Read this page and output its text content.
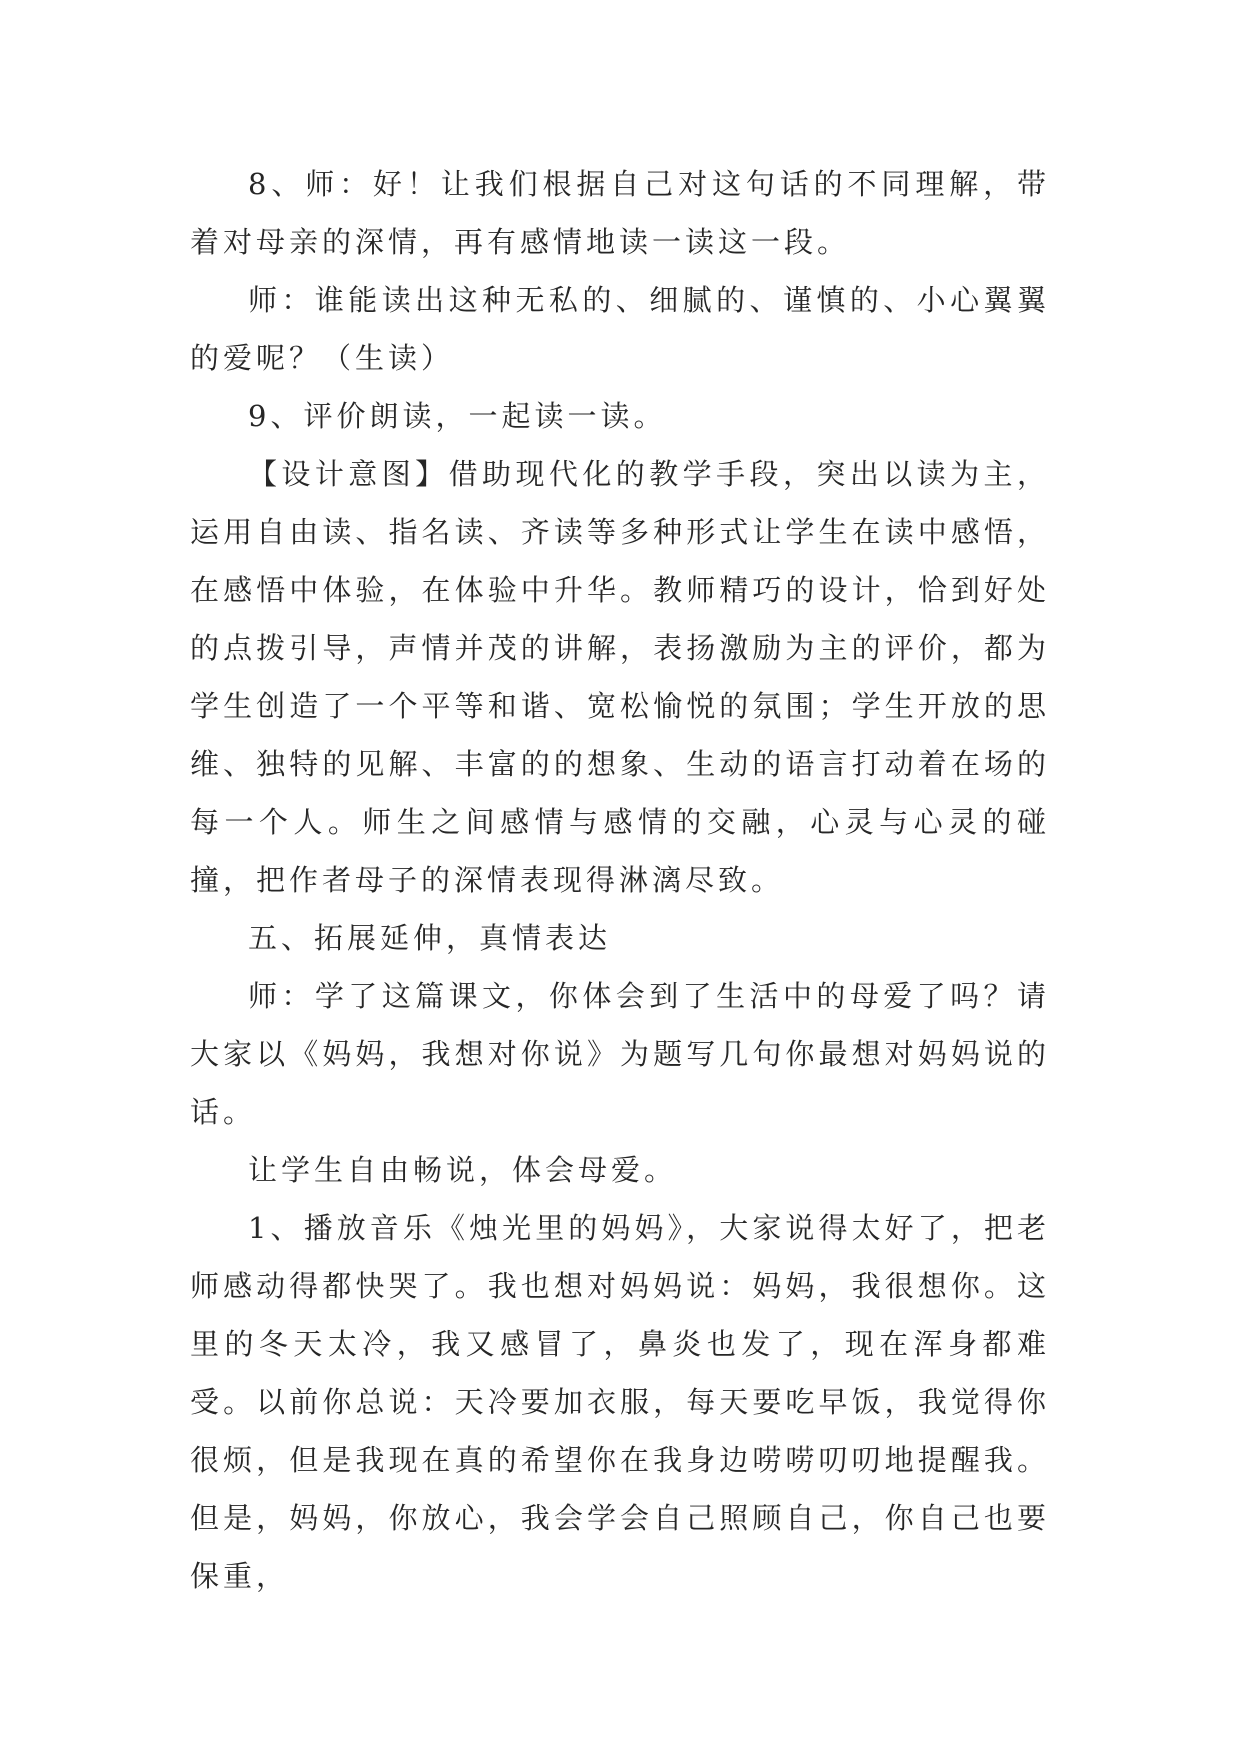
8、师：好！让我们根据自己对这句话的不同理解，带着对母亲的深情，再有感情地读一读这一段。

师：谁能读出这种无私的、细腻的、谨慎的、小心翼翼的爱呢？（生读）

9、评价朗读，一起读一读。

【设计意图】借助现代化的教学手段，突出以读为主，运用自由读、指名读、齐读等多种形式让学生在读中感悟，在感悟中体验，在体验中升华。教师精巧的设计，恰到好处的点拨引导，声情并茂的讲解，表扬激励为主的评价，都为学生创造了一个平等和谐、宽松愉悦的氛围；学生开放的思维、独特的见解、丰富的的想象、生动的语言打动着在场的每一个人。师生之间感情与感情的交融，心灵与心灵的碰撞，把作者母子的深情表现得淋漓尽致。

五、拓展延伸，真情表达

师：学了这篇课文，你体会到了生活中的母爱了吗？请大家以《妈妈，我想对你说》为题写几句你最想对妈妈说的话。

让学生自由畅说，体会母爱。

1、播放音乐《烛光里的妈妈》，大家说得太好了，把老师感动得都快哭了。我也想对妈妈说：妈妈，我很想你。这里的冬天太冷，我又感冒了，鼻炎也发了，现在浑身都难受。以前你总说：天冷要加衣服，每天要吃早饭，我觉得你很烦，但是我现在真的希望你在我身边唠唠叨叨地提醒我。但是，妈妈，你放心，我会学会自己照顾自己，你自己也要保重，
